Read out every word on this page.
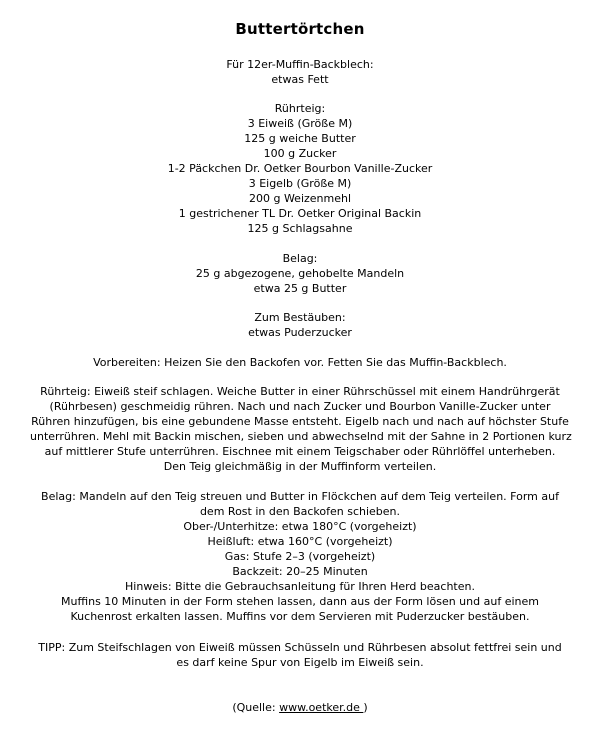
Buttertörtchen
Für 12er-Muffin-Backblech:
etwas Fett
Rührteig:
3 Eiweiß (Größe M)
125 g weiche Butter
100 g Zucker
1-2 Päckchen Dr. Oetker Bourbon Vanille-Zucker
3 Eigelb (Größe M)
200 g Weizenmehl
1 gestrichener TL Dr. Oetker Original Backin
125 g Schlagsahne
Belag:
25 g abgezogene, gehobelte Mandeln
etwa 25 g Butter
Zum Bestäuben:
etwas Puderzucker
Vorbereiten: Heizen Sie den Backofen vor. Fetten Sie das Muffin-Backblech.
Rührteig: Eiweiß steif schlagen. Weiche Butter in einer Rührschüssel mit einem Handrührgerät
(Rührbesen) geschmeidig rühren. Nach und nach Zucker und Bourbon Vanille-Zucker unter
Rühren hinzufügen, bis eine gebundene Masse entsteht. Eigelb nach und nach auf höchster Stufe
unterrühren. Mehl mit Backin mischen, sieben und abwechselnd mit der Sahne in 2 Portionen kurz
auf mittlerer Stufe unterrühren. Eischnee mit einem Teigschaber oder Rührlöffel unterheben.
Den Teig gleichmäßig in der Muffinform verteilen.
Belag: Mandeln auf den Teig streuen und Butter in Flöckchen auf dem Teig verteilen. Form auf
dem Rost in den Backofen schieben.
Ober-/Unterhitze: etwa 180°C (vorgeheizt)
Heißluft: etwa 160°C (vorgeheizt)
Gas: Stufe 2–3 (vorgeheizt)
Backzeit: 20–25 Minuten
Hinweis: Bitte die Gebrauchsanleitung für Ihren Herd beachten.
Muffins 10 Minuten in der Form stehen lassen, dann aus der Form lösen und auf einem
Kuchenrost erkalten lassen. Muffins vor dem Servieren mit Puderzucker bestäuben.
TIPP: Zum Steifschlagen von Eiweiß müssen Schüsseln und Rührbesen absolut fettfrei sein und
es darf keine Spur von Eigelb im Eiweiß sein.
(Quelle: www.oetker.de )
